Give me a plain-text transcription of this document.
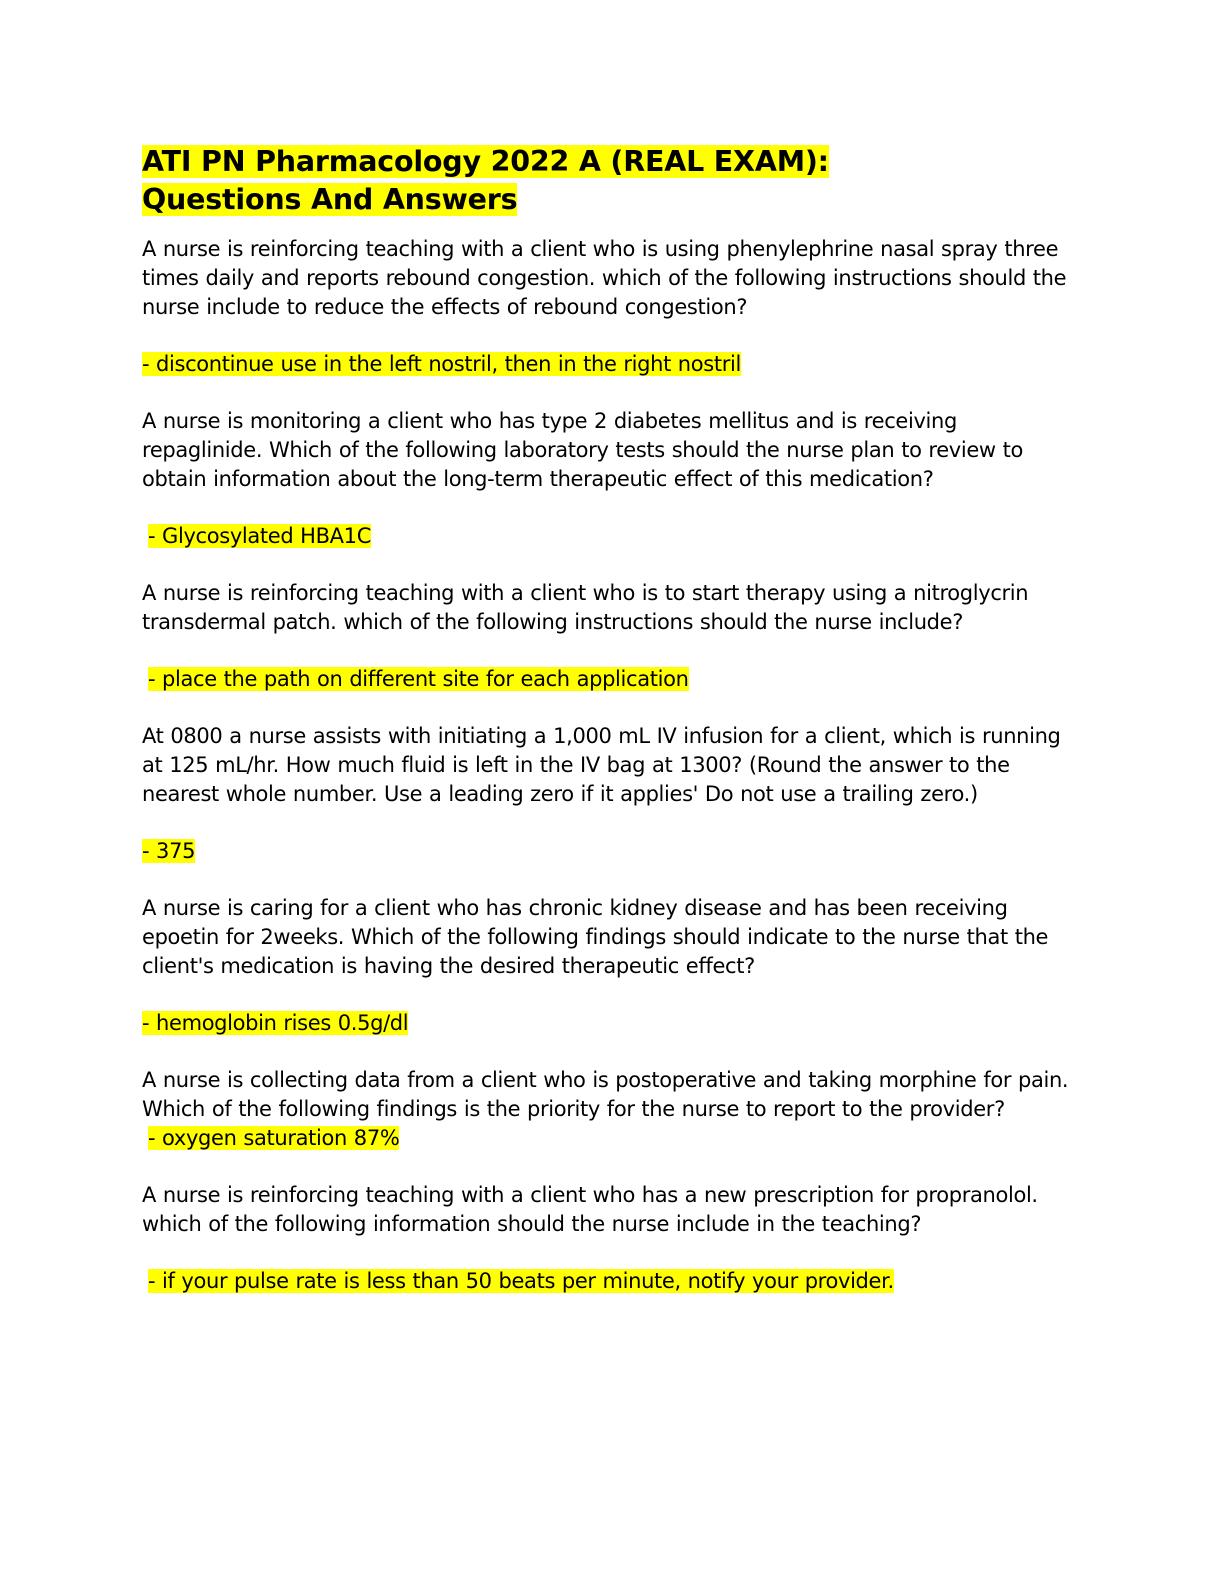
ATI PN Pharmacology 2022 A (REAL EXAM):
Questions And Answers
A nurse is reinforcing teaching with a client who is using phenylephrine nasal spray three times daily and reports rebound congestion. which of the following instructions should the nurse include to reduce the effects of rebound congestion?
- discontinue use in the left nostril, then in the right nostril
A nurse is monitoring a client who has type 2 diabetes mellitus and is receiving repaglinide. Which of the following laboratory tests should the nurse plan to review to obtain information about the long-term therapeutic effect of this medication?
- Glycosylated HBA1C
A nurse is reinforcing teaching with a client who is to start therapy using a nitroglycrin transdermal patch. which of the following instructions should the nurse include?
- place the path on different site for each application
At 0800 a nurse assists with initiating a 1,000 mL IV infusion for a client, which is running at 125 mL/hr. How much fluid is left in the IV bag at 1300? (Round the answer to the nearest whole number. Use a leading zero if it applies' Do not use a trailing zero.)
- 375
A nurse is caring for a client who has chronic kidney disease and has been receiving epoetin for 2weeks. Which of the following findings should indicate to the nurse that the client's medication is having the desired therapeutic effect?
- hemoglobin rises 0.5g/dl
A nurse is collecting data from a client who is postoperative and taking morphine for pain. Which of the following findings is the priority for the nurse to report to the provider?
- oxygen saturation 87%
A nurse is reinforcing teaching with a client who has a new prescription for propranolol. which of the following information should the nurse include in the teaching?
- if your pulse rate is less than 50 beats per minute, notify your provider.
